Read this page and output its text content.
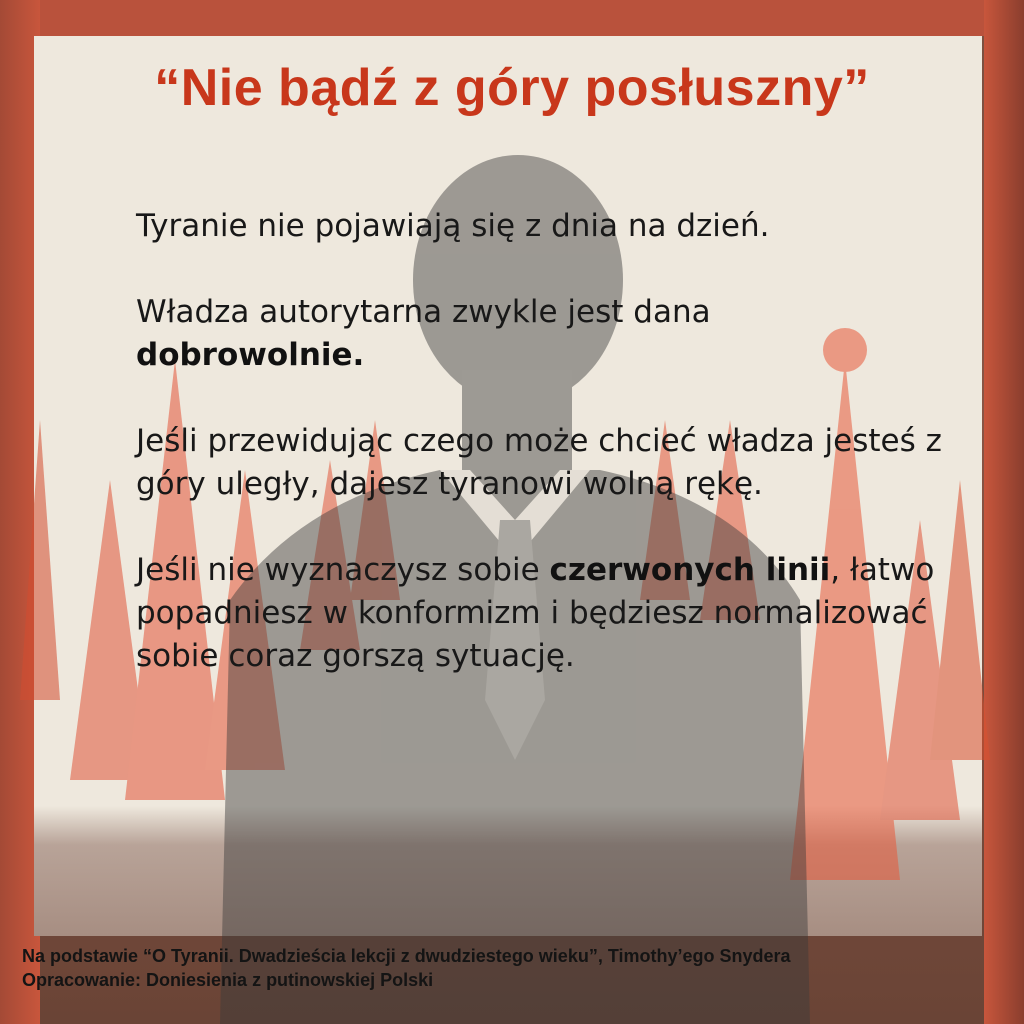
“Nie bądź z góry posłuszny”

Tyranie nie pojawiają się z dnia na dzień.

Władza autorytarna zwykle jest dana
dobrowolnie.

Jeśli przewidując czego może chcieć władza jesteś z góry uległy, dajesz tyranowi wolną rękę.

Jeśli nie wyznaczysz sobie czerwonych linii, łatwo popadniesz w konformizm i będziesz normalizować sobie coraz gorszą sytuację.

Na podstawie “O Tyranii. Dwadzieścia lekcji z dwudziestego wieku”, Timothy’ego Snydera
Opracowanie: Doniesienia z putinowskiej Polski
